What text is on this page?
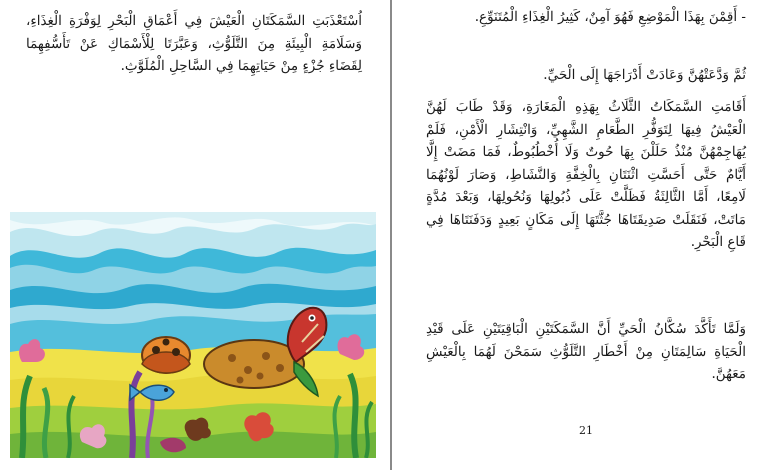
اُسْتَعْذَبَتِ السَّمَكَتَانِ الْعَيْشَ فِي أَعْمَاقِ الْبَحْرِ لِوَفْرَةِ الْغِذَاءِ، وَسَلَامَةِ الْبِيئَةِ مِنَ التَّلَوُّثِ، وَعَبَّرَتَا لِلْأَسْمَاكِ عَنْ تَأَسُّفِهِمَا لِقَضَاءِ جُزْءٍ مِنْ حَيَاتِهِمَا فِي السَّاحِلِ الْمُلَوَّثِ.

- أَقِمْنَ بِهَذَا الْمَوْضِعِ فَهُوَ آمِنٌ، كَثِيرُ الْغِذَاءِ الْمُتَنَوِّعِ.

ثُمَّ وَدَّعَتْهُنَّ وَعَادَتْ أَدْرَاجَهَا إِلَى الْحَيِّ.

أَقَامَتِ السَّمَكَاتُ الثَّلَاثُ بِهَذِهِ الْمَغَارَةِ، وَقَدْ طَابَ لَهُنَّ الْعَيْشُ فِيهَا لِتَوَفُّرِ الطَّعَامِ الشَّهِيِّ، وَانْتِشَارِ الْأَمْنِ، فَلَمْ يُهَاجِمْهُنَّ مُنْذُ حَلَلْنَ بِهَا حُوتٌ وَلَا أُخْطُبُوطٌ، فَمَا مَضَتْ إِلَّا أَيَّامٌ حَتَّى أَحَسَّتِ اثْنَتَانِ بِالْخِفَّةِ وَالنَّشَاطِ، وَصَارَ لَوْنُهُمَا لَامِعًا، أَمَّا الثَّالِثَةُ فَظَلَّتْ عَلَى ذُبُولِهَا وَنُحُولِهَا، وَبَعْدَ مُدَّةٍ مَاتَتْ، فَنَقَلَتْ صَدِيقَتَاهَا جُثَّتَهَا إِلَى مَكَانٍ بَعِيدٍ وَدَفَنَتَاهَا فِي قَاعِ الْبَحْرِ.

وَلَمَّا تَأَكَّدَ سُكَّانُ الْحَيِّ أَنَّ السَّمَكَتَيْنِ الْبَاقِيَتَيْنِ عَلَى قَيْدِ الْحَيَاةِ سَالِمَتَانِ مِنْ أَخْطَارِ التَّلَوُّثِ سَمَحْنَ لَهُمَا بِالْعَيْشِ مَعَهُنَّ.

21
